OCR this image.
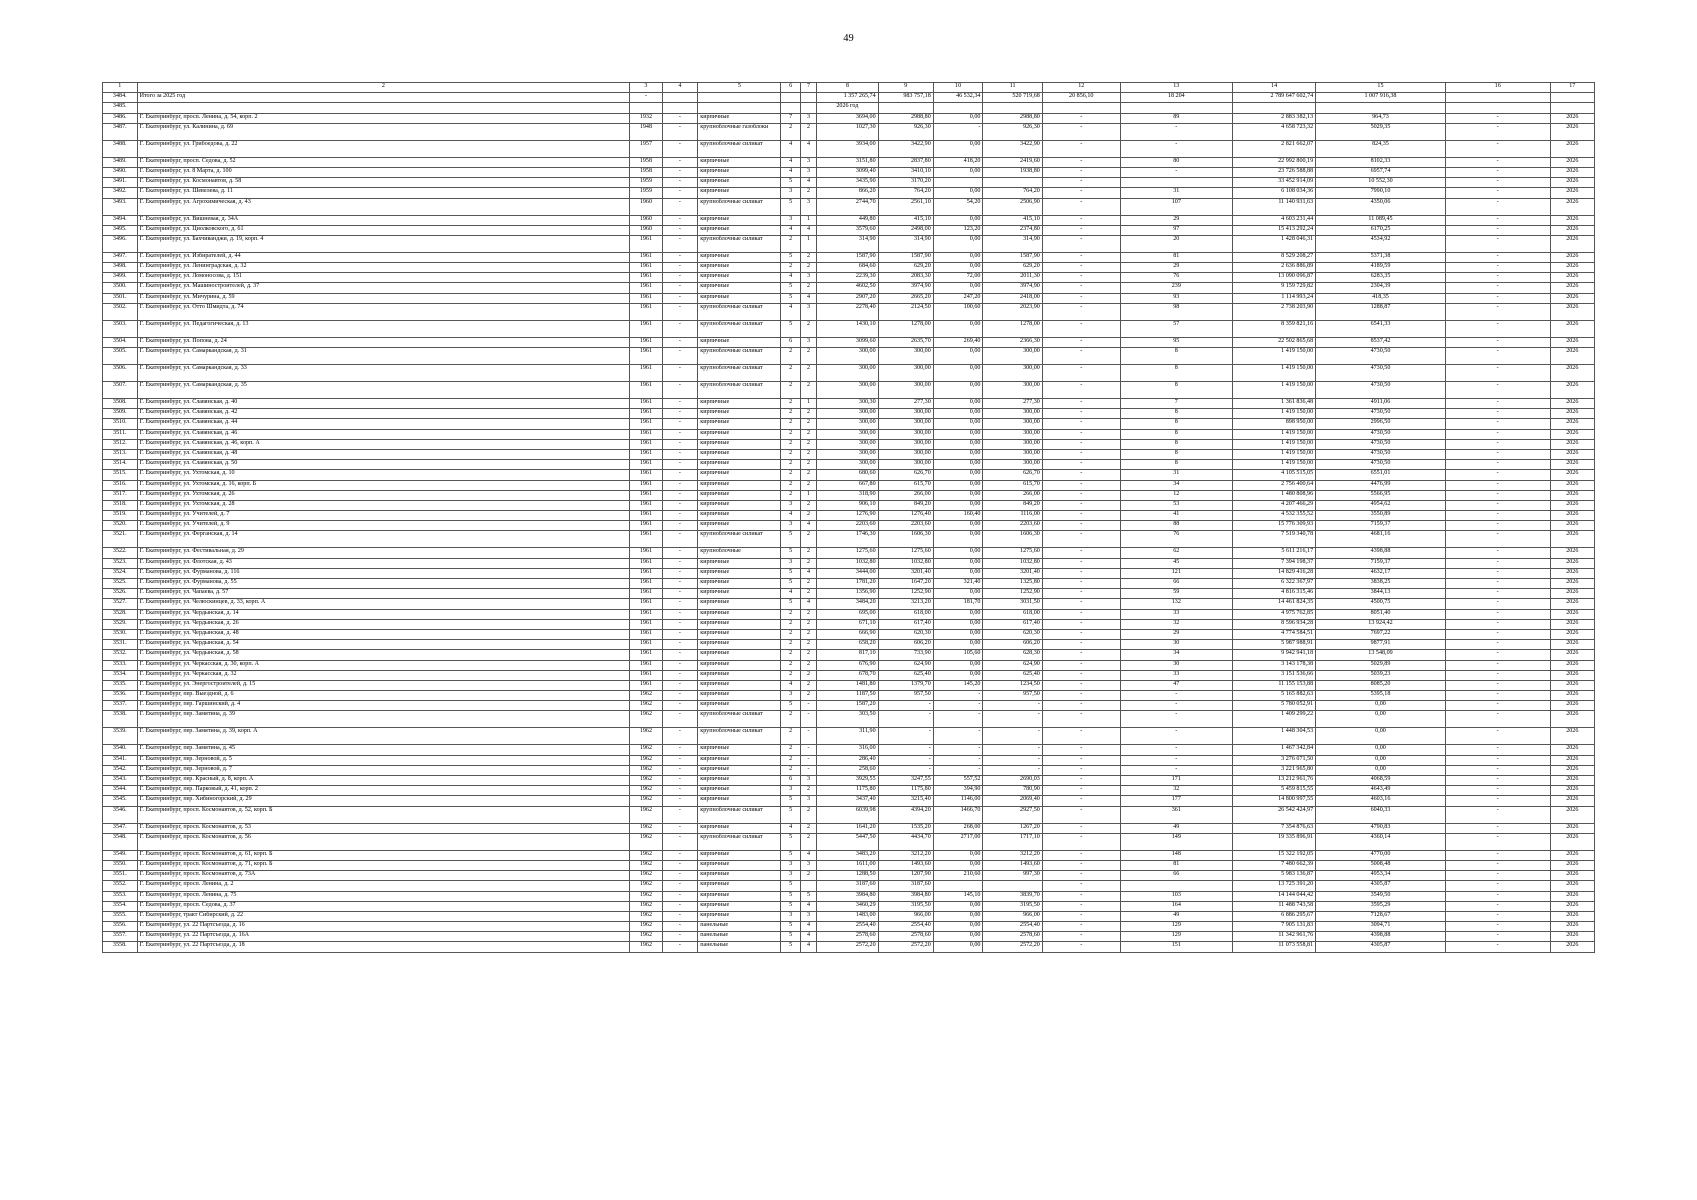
49
1	2	3	4	5	6	7	8	9	10	11	12	13	14	15	16	17
3484.	Итого за 2025 год	-					1 357 265,74	983 757,18	46 532,34	520 719,68	20 856,10	18 204	2 789 647 602,74	1 007 916,38		
3485.							2026 год									
3486.	Г. Екатеринбург, просп. Ленина, д. 54, корп. 2	1932	-	кирпичные	7	3	3694,00	2988,80	0,00	2988,80	-	89	2 883 382,13	964,73	-	2026
3487.	Г. Екатеринбург, ул. Калинина, д. 69	1948	-	крупноблочные газоблоки	2	2	1027,30	926,30	-	926,30	-	-	4 658 723,32	5029,35	-	2026
3488.	Г. Екатеринбург, ул. Грибоедова, д. 22	1957	-	крупноблочные силикат	4	4	3934,00	3422,90	0,00	3422,90	-	-	2 821 662,07	824,35	-	2026
3489.	Г. Екатеринбург, просп. Седова, д. 52	1958	-	кирпичные	4	3	3151,80	2837,80	418,20	2419,60	-	80	22 992 800,19	8102,33	-	2026
3490.	Г. Екатеринбург, ул. 8 Марта, д. 100	1958	-	кирпичные	4	3	3099,40	3410,10	0,00	1938,80	-	-	23 726 588,88	6957,74	-	2026
3491.	Г. Екатеринбург, ул. Космонавтов, д. 58	1959	-	кирпичные	5	4	3435,90	3170,20			-		33 452 914,09	10 552,30	-	2026
3492.	Г. Екатеринбург, ул. Шевелева, д. 11	1959	-	кирпичные	3	2	866,20	764,20	0,00	764,20	-	31	6 108 034,36	7990,10	-	2026
3493.	Г. Екатеринбург, ул. Агрохимическая, д. 43	1960	-	крупноблочные силикат	5	3	2744,70	2561,10	54,20	2506,90	-	107	11 140 931,63	4350,06	-	2026
3494.	Г. Екатеринбург, ул. Вишневая, д. 34А	1960	-	кирпичные	3	1	449,80	415,10	0,00	415,10	-	29	4 603 231,44	11 089,45	-	2026
3495.	Г. Екатеринбург, ул. Циолковского, д. 61	1960	-	кирпичные	4	4	3579,60	2498,00	123,20	2374,80	-	97	15 413 292,24	6170,25	-	2026
3496.	Г. Екатеринбург, ул. Бахчиванджи, д. 19, корп. 4	1961	-	крупноблочные силикат	2	1	314,90	314,90	0,00	314,90	-	20	1 428 046,31	4534,92	-	2026
3497.	Г. Екатеринбург, ул. Избирателей, д. 44	1961	-	кирпичные	5	2	1587,90	1587,90	0,00	1587,90	-	81	8 529 208,27	5371,38	-	2026
3498.	Г. Екатеринбург, ул. Ленинградская, д. 32	1961	-	кирпичные	2	2	684,60	629,20	0,00	629,20	-	29	2 636 886,89	4189,59	-	2026
3499.	Г. Екатеринбург, ул. Ломоносова, д. 151	1961	-	кирпичные	4	3	2239,30	2083,30	72,00	2011,30	-	76	13 090 096,87	6283,35	-	2026
3500.	Г. Екатеринбург, ул. Машиностроителей, д. 37	1961	-	кирпичные	5	2	4602,50	3974,90	0,00	3974,90	-	239	9 159 729,82	2304,39	-	2026
3501.	Г. Екатеринбург, ул. Мичурина, д. 59	1961	-	кирпичные	5	4	2907,20	2665,20	247,20	2418,00	-	93	1 114 993,24	418,35	-	2026
3502.	Г. Екатеринбург, ул. Отто Шмидта, д. 74	1961	-	крупноблочные силикат	4	3	2278,40	2124,50	100,60	2023,90	-	98	2 738 203,90	1288,87	-	2026
3503.	Г. Екатеринбург, ул. Педагогическая, д. 13	1961	-	крупноблочные силикат	5	2	1430,10	1278,00	0,00	1278,00	-	57	8 359 821,16	6541,33	-	2026
3504.	Г. Екатеринбург, ул. Попова, д. 24	1961	-	кирпичные	6	3	3099,60	2635,70	269,40	2366,30	-	95	22 502 865,68	8537,42	-	2026
3505.	Г. Екатеринбург, ул. Самаркандская, д. 31	1961	-	крупноблочные силикат	2	2	300,00	300,00	0,00	300,00	-	8	1 419 150,00	4730,50	-	2026
3506.	Г. Екатеринбург, ул. Самаркандская, д. 33	1961	-	крупноблочные силикат	2	2	300,00	300,00	0,00	300,00	-	8	1 419 150,00	4730,50	-	2026
3507.	Г. Екатеринбург, ул. Самаркандская, д. 35	1961	-	крупноблочные силикат	2	2	300,00	300,00	0,00	300,00	-	8	1 419 150,00	4730,50	-	2026
3508.	Г. Екатеринбург, ул. Славянская, д. 40	1961	-	кирпичные	2	1	300,30	277,30	0,00	277,30	-	7	1 361 836,48	4911,06	-	2026
3509.	Г. Екатеринбург, ул. Славянская, д. 42	1961	-	кирпичные	2	2	300,00	300,00	0,00	300,00	-	8	1 419 150,00	4730,50	-	2026
3510.	Г. Екатеринбург, ул. Славянская, д. 44	1961	-	кирпичные	2	2	300,00	300,00	0,00	300,00	-	8	898 950,00	2996,50	-	2026
3511.	Г. Екатеринбург, ул. Славянская, д. 46	1961	-	кирпичные	2	2	300,00	300,00	0,00	300,00	-	8	1 419 150,00	4730,50	-	2026
3512.	Г. Екатеринбург, ул. Славянская, д. 46, корп. А	1961	-	кирпичные	2	2	300,00	300,00	0,00	300,00	-	8	1 419 150,00	4730,50	-	2026
3513.	Г. Екатеринбург, ул. Славянская, д. 48	1961	-	кирпичные	2	2	300,00	300,00	0,00	300,00	-	8	1 419 150,00	4730,50	-	2026
3514.	Г. Екатеринбург, ул. Славянская, д. 50	1961	-	кирпичные	2	2	300,00	300,00	0,00	300,00	-	8	1 419 150,00	4730,50	-	2026
3515.	Г. Екатеринбург, ул. Ухтомская, д. 10	1961	-	кирпичные	2	2	680,60	626,70	0,00	626,70	-	31	4 105 515,05	6551,01	-	2026
3516.	Г. Екатеринбург, ул. Ухтомская, д. 16, корп. Б	1961	-	кирпичные	2	2	667,80	615,70	0,00	615,70	-	34	2 756 400,64	4476,99	-	2026
3517.	Г. Екатеринбург, ул. Ухтомская, д. 26	1961	-	кирпичные	2	1	318,90	266,00	0,00	266,00	-	12	1 480 808,96	5566,95	-	2026
3518.	Г. Екатеринбург, ул. Ухтомская, д. 28	1961	-	кирпичные	3	2	906,10	849,20	0,00	849,20	-	53	4 207 466,29	4954,62	-	2026
3519.	Г. Екатеринбург, ул. Учителей, д. 7	1961	-	кирпичные	4	2	1276,90	1276,40	160,40	1116,00	-	41	4 532 355,52	3550,89	-	2026
3520.	Г. Екатеринбург, ул. Учителей, д. 9	1961	-	кирпичные	3	4	2203,60	2203,60	0,00	2203,60	-	88	15 776 309,93	7159,37	-	2026
3521.	Г. Екатеринбург, ул. Ферганская, д. 14	1961	-	крупноблочные силикат	5	2	1746,30	1606,30	0,00	1606,30	-	76	7 519 340,78	4681,16	-	2026
3522.	Г. Екатеринбург, ул. Фестивальная, д. 29	1961	-	крупноблочные	5	2	1275,60	1275,60	0,00	1275,60	-	62	5 611 216,17	4398,88	-	2026
3523.	Г. Екатеринбург, ул. Флотская, д. 43	1961	-	кирпичные	3	2	1032,80	1032,80	0,00	1032,80	-	45	7 394 198,37	7159,37	-	2026
3524.	Г. Екатеринбург, ул. Фурманова, д. 116	1961	-	кирпичные	5	4	3444,00	3201,40	0,00	3201,40	-	121	14 829 416,28	4632,17	-	2026
3525.	Г. Екатеринбург, ул. Фурманова, д. 55	1961	-	кирпичные	5	2	1781,20	1647,20	321,40	1325,80	-	66	6 322 367,97	3838,25	-	2026
3526.	Г. Екатеринбург, ул. Чапаева, д. 57	1961	-	кирпичные	4	2	1356,90	1252,90	0,00	1252,90	-	59	4 816 315,46	3844,13	-	2026
3527.	Г. Екатеринбург, ул. Челюскинцев, д. 33, корп. А	1961	-	кирпичные	5	4	3484,20	3213,20	181,70	3031,50	-	132	14 461 824,35	4500,75	-	2026
3528.	Г. Екатеринбург, ул. Чердынская, д. 14	1961	-	кирпичные	2	2	695,00	618,00	0,00	618,00	-	33	4 975 762,85	8051,40	-	2026
3529.	Г. Екатеринбург, ул. Чердынская, д. 26	1961	-	кирпичные	2	2	671,10	617,40	0,00	617,40	-	32	8 596 934,28	13 924,42	-	2026
3530.	Г. Екатеринбург, ул. Чердынская, д. 48	1961	-	кирпичные	2	2	666,90	620,30	0,00	620,30	-	29	4 774 584,51	7697,22	-	2026
3531.	Г. Екатеринбург, ул. Чердынская, д. 54	1961	-	кирпичные	2	2	658,20	606,20	0,00	606,20	-	30	5 987 988,91	9877,91	-	2026
3532.	Г. Екатеринбург, ул. Чердынская, д. 58	1961	-	кирпичные	2	2	817,10	733,90	105,60	628,30	-	34	9 942 941,18	13 548,09	-	2026
3533.	Г. Екатеринбург, ул. Черкасская, д. 30, корп. А	1961	-	кирпичные	2	2	676,90	624,90	0,00	624,90	-	30	3 143 178,38	5029,89	-	2026
3534.	Г. Екатеринбург, ул. Черкасская, д. 32	1961	-	кирпичные	2	2	678,70	625,40	0,00	625,40	-	33	3 151 536,66	5039,23	-	2026
3535.	Г. Екатеринбург, ул. Энергостроителей, д. 15	1961	-	кирпичные	4	2	1481,80	1379,70	145,20	1234,50	-	47	11 155 153,88	8085,20	-	2026
3536.	Г. Екатеринбург, пер. Выездной, д. 6	1962	-	кирпичные	3	2	1187,50	957,50	-	957,50	-	-	5 165 882,63	5395,18	-	2026
3537.	Г. Екатеринбург, пер. Гаршинский, д. 4	1962	-	кирпичные	5	-	1587,20	-	-	-	-	-	5 780 052,91	0,00	-	2026
3538.	Г. Екатеринбург, пер. Замятина, д. 39	1962	-	крупноблочные силикат	2	-	303,50	-	-	-	-	-	1 409 299,22	0,00	-	2026
3539.	Г. Екатеринбург, пер. Замятина, д. 39, корп. А	1962	-	крупноблочные силикат	2	-	311,90	-	-	-	-	-	1 448 304,53	0,00	-	2026
3540.	Г. Екатеринбург, пер. Замятина, д. 45	1962	-	кирпичные	2	-	316,00	-	-	-	-	-	1 467 342,84	0,00	-	2026
3541.	Г. Екатеринбург, пер. Зерновой, д. 5	1962	-	кирпичные	2	-	286,40	-	-	-	-	-	3 276 071,50	0,00	-	2026
3542.	Г. Екатеринбург, пер. Зерновой, д. 7	1962	-	кирпичные	2	-	258,60	-	-	-	-	-	3 221 965,80	0,00	-	2026
3543.	Г. Екатеринбург, пер. Красный, д. 8, корп. А	1962	-	кирпичные	6	3	3929,55	3247,55	557,52	2690,03	-	171	13 212 961,76	4068,59	-	2026
3544.	Г. Екатеринбург, пер. Парковый, д. 41, корп. 2	1962	-	кирпичные	3	2	1175,80	1175,80	394,90	780,90	-	32	5 459 815,55	4643,49	-	2026
3545.	Г. Екатеринбург, пер. Хибиногорский, д. 29	1962	-	кирпичные	5	3	3437,40	3215,40	1146,00	2069,40	-	177	14 800 997,55	4603,16	-	2026
3546.	Г. Екатеринбург, просп. Космонавтов, д. 52, корп. Б	1962	-	крупноблочные силикат	5	2	6039,98	4394,20	1466,70	2927,50	-	361	26 542 424,97	6040,33	-	2026
3547.	Г. Екатеринбург, просп. Космонавтов, д. 53	1962	-	кирпичные	4	2	1641,20	1535,20	268,00	1267,20	-	49	7 354 876,63	4790,83	-	2026
3548.	Г. Екатеринбург, просп. Космонавтов, д. 56	1962	-	крупноблочные силикат	5	2	5447,50	4434,70	2717,00	1717,10	-	149	19 335 896,91	4360,14	-	2026
3549.	Г. Екатеринбург, просп. Космонавтов, д. 61, корп. Б	1962	-	кирпичные	5	4	3483,20	3212,20	0,00	3212,20	-	148	15 322 192,05	4770,00	-	2026
3550.	Г. Екатеринбург, просп. Космонавтов, д. 71, корп. Б	1962	-	кирпичные	3	3	1611,00	1493,60	0,00	1493,60	-	81	7 480 662,39	5008,48	-	2026
3551.	Г. Екатеринбург, просп. Космонавтов, д. 73А	1962	-	кирпичные	3	2	1288,50	1207,90	210,60	997,30	-	66	5 983 136,87	4953,34	-	2026
3552.	Г. Екатеринбург, просп. Ленина, д. 2	1962	-	кирпичные	5		3187,60	3187,60			-		13 725 391,20	4305,87	-	2026
3553.	Г. Екатеринбург, просп. Ленина, д. 75	1962	-	кирпичные	5	5	3984,80	3984,80	145,10	3839,70	-	103	14 144 044,42	3549,50	-	2026
3554.	Г. Екатеринбург, просп. Седова, д. 37	1962	-	кирпичные	5	4	3460,29	3195,50	0,00	3195,50	-	164	11 488 743,58	3595,29	-	2026
3555.	Г. Екатеринбург, тракт Сибирский, д. 22	1962	-	кирпичные	3	3	1483,00	966,00	0,00	966,00	-	49	6 886 295,67	7128,67	-	2026
3556.	Г. Екатеринбург, ул. 22 Партсъезда, д. 16	1962	-	панельные	5	4	2554,40	2554,40	0,00	2554,40	-	129	7 905 131,83	3094,71	-	2026
3557.	Г. Екатеринбург, ул. 22 Партсъезда, д. 16А	1962	-	панельные	5	4	2578,60	2578,60	0,00	2578,60	-	129	11 342 961,76	4398,88	-	2026
3558.	Г. Екатеринбург, ул. 22 Партсъезда, д. 18	1962	-	панельные	5	4	2572,20	2572,20	0,00	2572,20	-	151	11 073 558,81	4305,87	-	2026
